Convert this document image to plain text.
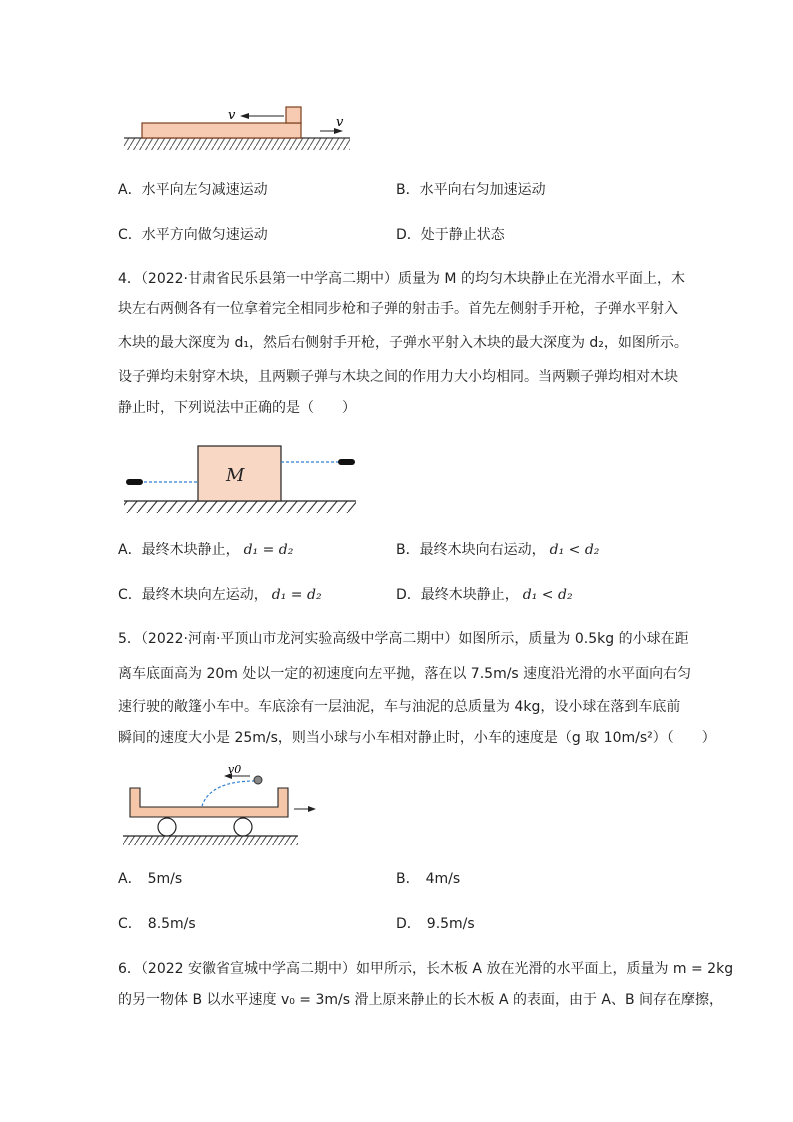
v	v
A．水平向左匀减速运动	B．水平向右匀加速运动
C．水平方向做匀速运动	D．处于静止状态
4．（2022·甘肃省民乐县第一中学高二期中）质量为 M 的均匀木块静止在光滑水平面上，木
块左右两侧各有一位拿着完全相同步枪和子弹的射击手。首先左侧射手开枪，子弹水平射入
木块的最大深度为 d₁，然后右侧射手开枪，子弹水平射入木块的最大深度为 d₂，如图所示。
设子弹均未射穿木块，且两颗子弹与木块之间的作用力大小均相同。当两颗子弹均相对木块
静止时，下列说法中正确的是（　　）
M
A．最终木块静止， d₁ = d₂	B．最终木块向右运动， d₁ < d₂
C．最终木块向左运动， d₁ = d₂	D．最终木块静止， d₁ < d₂
5．（2022·河南·平顶山市龙河实验高级中学高二期中）如图所示，质量为 0.5kg 的小球在距
离车底面高为 20m 处以一定的初速度向左平抛，落在以 7.5m/s 速度沿光滑的水平面向右匀
速行驶的敞篷小车中。车底涂有一层油泥，车与油泥的总质量为 4kg，设小球在落到车底前
瞬间的速度大小是 25m/s，则当小球与小车相对静止时，小车的速度是（g 取 10m/s²）（　　）
v0
A． 5m/s	B． 4m/s
C． 8.5m/s	D． 9.5m/s
6．（2022 安徽省宣城中学高二期中）如甲所示，长木板 A 放在光滑的水平面上，质量为 m = 2kg
的另一物体 B 以水平速度 v₀ = 3m/s 滑上原来静止的长木板 A 的表面，由于 A、B 间存在摩擦，
